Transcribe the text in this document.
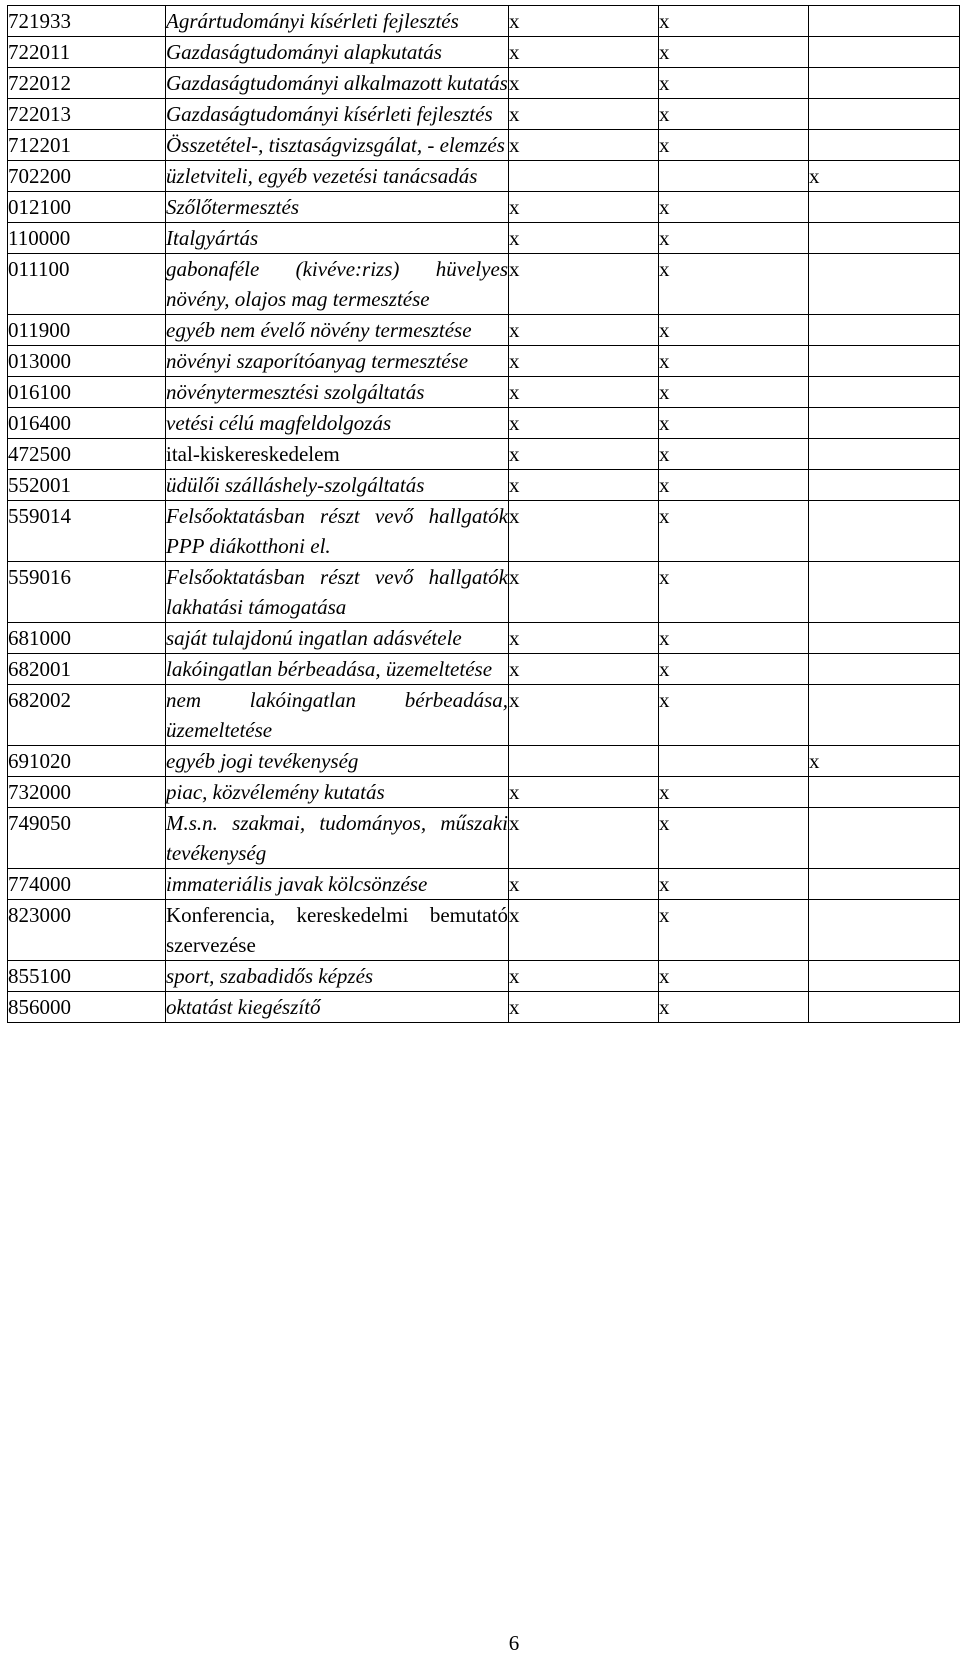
721933	Agrártudományi kísérleti fejlesztés	x	x	
722011	Gazdaságtudományi alapkutatás	x	x	
722012	Gazdaságtudományi alkalmazott kutatás	x	x	
722013	Gazdaságtudományi kísérleti fejlesztés	x	x	
712201	Összetétel-, tisztaságvizsgálat, - elemzés	x	x	
702200	üzletviteli, egyéb vezetési tanácsadás			x
012100	Szőlőtermesztés	x	x	
110000	Italgyártás	x	x	
011100	gabonaféle (kivéve:rizs) hüvelyes növény, olajos mag termesztése	x	x	
011900	egyéb nem évelő növény termesztése	x	x	
013000	növényi szaporítóanyag termesztése	x	x	
016100	növénytermesztési szolgáltatás	x	x	
016400	vetési célú magfeldolgozás	x	x	
472500	ital-kiskereskedelem	x	x	
552001	üdülői szálláshely-szolgáltatás	x	x	
559014	Felsőoktatásban részt vevő hallgatók PPP diákotthoni el.	x	x	
559016	Felsőoktatásban részt vevő hallgatók lakhatási támogatása	x	x	
681000	saját tulajdonú ingatlan adásvétele	x	x	
682001	lakóingatlan bérbeadása, üzemeltetése	x	x	
682002	nem lakóingatlan bérbeadása, üzemeltetése	x	x	
691020	egyéb jogi tevékenység			x
732000	piac, közvélemény kutatás	x	x	
749050	M.s.n. szakmai, tudományos, műszaki tevékenység	x	x	
774000	immateriális javak kölcsönzése	x	x	
823000	Konferencia, kereskedelmi bemutató szervezése	x	x	
855100	sport, szabadidős képzés	x	x	
856000	oktatást kiegészítő	x	x	
6
